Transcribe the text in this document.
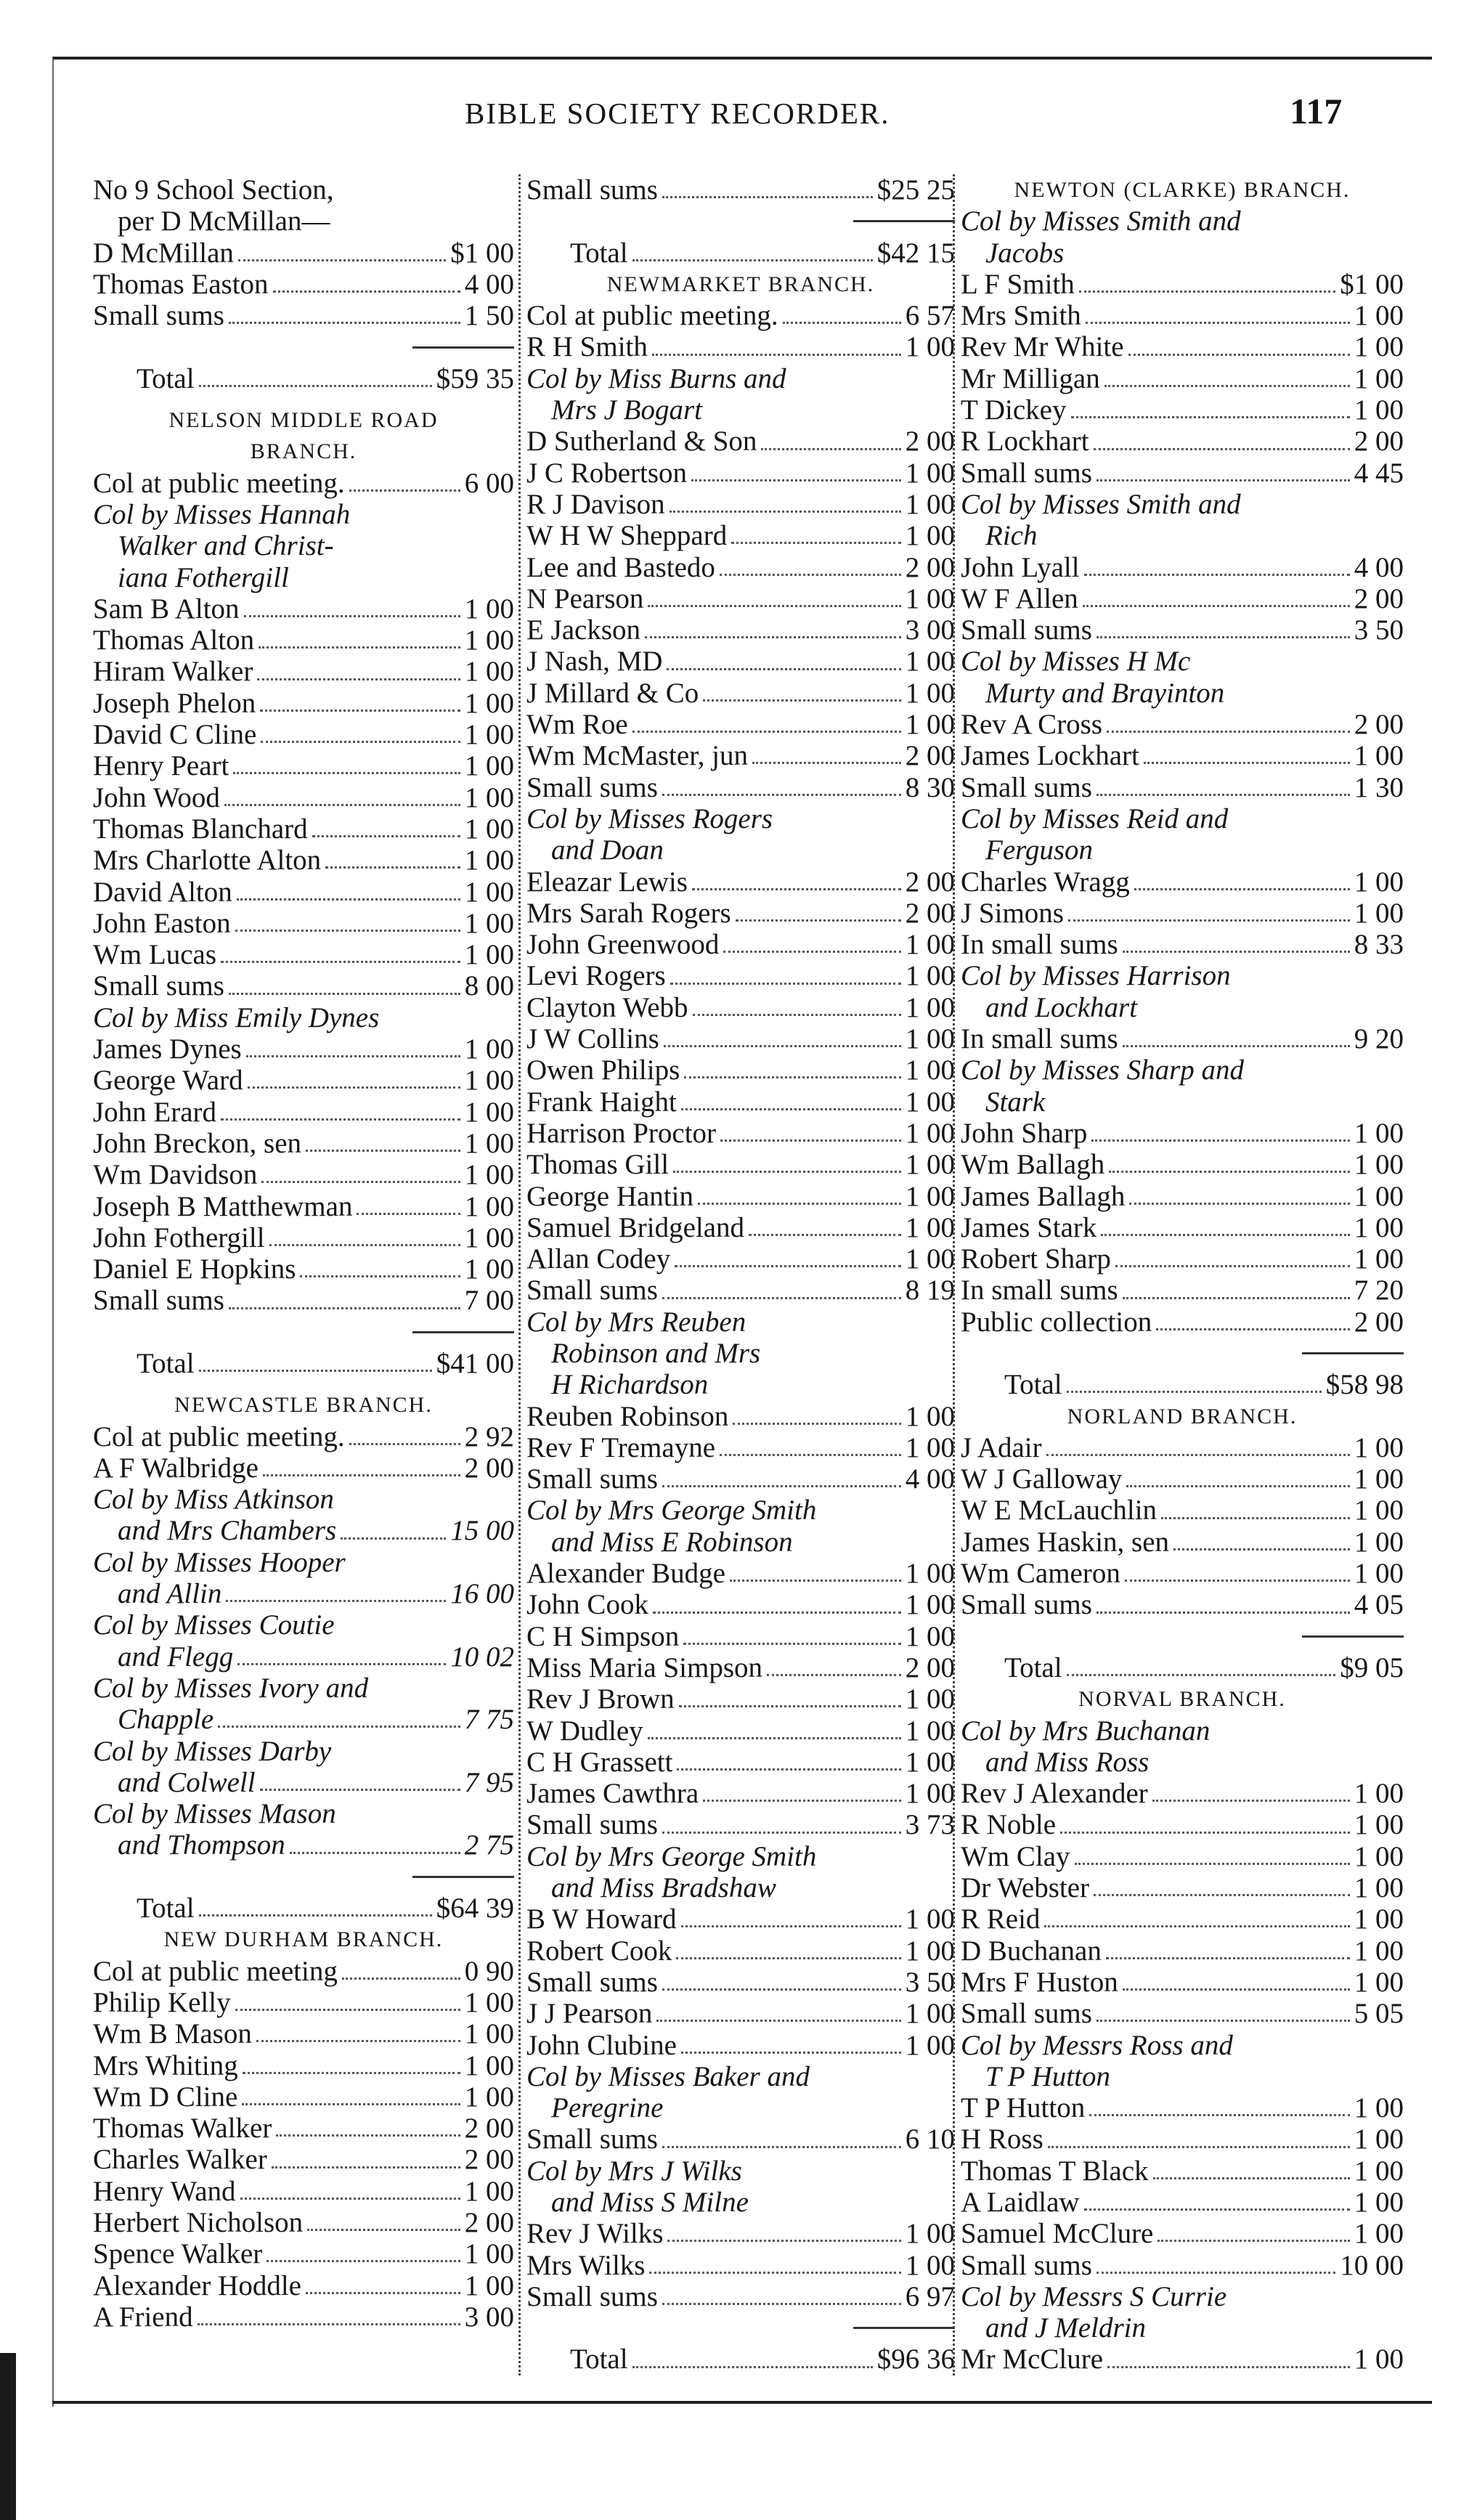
BIBLE SOCIETY RECORDER.	117
No 9 School Section,
per D McMillan—
D McMillan	$1 00
Thomas Easton	4 00
Small sums	1 50
Total	$59 35
NELSON MIDDLE ROAD
BRANCH.
Col at public meeting.	6 00
Col by Misses Hannah
Walker and Christ-
iana Fothergill
Sam B Alton	1 00
Thomas Alton	1 00
Hiram Walker	1 00
Joseph Phelon	1 00
David C Cline	1 00
Henry Peart	1 00
John Wood	1 00
Thomas Blanchard	1 00
Mrs Charlotte Alton	1 00
David Alton	1 00
John Easton	1 00
Wm Lucas	1 00
Small sums	8 00
Col by Miss Emily Dynes
James Dynes	1 00
George Ward	1 00
John Erard	1 00
John Breckon, sen	1 00
Wm Davidson	1 00
Joseph B Matthewman	1 00
John Fothergill	1 00
Daniel E Hopkins	1 00
Small sums	7 00
Total	$41 00
NEWCASTLE BRANCH.
Col at public meeting.	2 92
A F Walbridge	2 00
Col by Miss Atkinson
and Mrs Chambers	15 00
Col by Misses Hooper
and Allin	16 00
Col by Misses Coutie
and Flegg	10 02
Col by Misses Ivory and
Chapple	7 75
Col by Misses Darby
and Colwell	7 95
Col by Misses Mason
and Thompson	2 75
Total	$64 39
NEW DURHAM BRANCH.
Col at public meeting	0 90
Philip Kelly	1 00
Wm B Mason	1 00
Mrs Whiting	1 00
Wm D Cline	1 00
Thomas Walker	2 00
Charles Walker	2 00
Henry Wand	1 00
Herbert Nicholson	2 00
Spence Walker	1 00
Alexander Hoddle	1 00
A Friend	3 00
Small sums	$25 25
Total	$42 15
NEWMARKET BRANCH.
Col at public meeting.	6 57
R H Smith	1 00
Col by Miss Burns and
Mrs J Bogart
D Sutherland & Son	2 00
J C Robertson	1 00
R J Davison	1 00
W H W Sheppard	1 00
Lee and Bastedo	2 00
N Pearson	1 00
E Jackson	3 00
J Nash, MD	1 00
J Millard & Co	1 00
Wm Roe	1 00
Wm McMaster, jun	2 00
Small sums	8 30
Col by Misses Rogers
and Doan
Eleazar Lewis	2 00
Mrs Sarah Rogers	2 00
John Greenwood	1 00
Levi Rogers	1 00
Clayton Webb	1 00
J W Collins	1 00
Owen Philips	1 00
Frank Haight	1 00
Harrison Proctor	1 00
Thomas Gill	1 00
George Hantin	1 00
Samuel Bridgeland	1 00
Allan Codey	1 00
Small sums	8 19
Col by Mrs Reuben
Robinson and Mrs
H Richardson
Reuben Robinson	1 00
Rev F Tremayne	1 00
Small sums	4 00
Col by Mrs George Smith
and Miss E Robinson
Alexander Budge	1 00
John Cook	1 00
C H Simpson	1 00
Miss Maria Simpson	2 00
Rev J Brown	1 00
W Dudley	1 00
C H Grassett	1 00
James Cawthra	1 00
Small sums	3 73
Col by Mrs George Smith
and Miss Bradshaw
B W Howard	1 00
Robert Cook	1 00
Small sums	3 50
J J Pearson	1 00
John Clubine	1 00
Col by Misses Baker and
Peregrine
Small sums	6 10
Col by Mrs J Wilks
and Miss S Milne
Rev J Wilks	1 00
Mrs Wilks	1 00
Small sums	6 97
Total	$96 36
NEWTON (CLARKE) BRANCH.
Col by Misses Smith and
Jacobs
L F Smith	$1 00
Mrs Smith	1 00
Rev Mr White	1 00
Mr Milligan	1 00
T Dickey	1 00
R Lockhart	2 00
Small sums	4 45
Col by Misses Smith and
Rich
John Lyall	4 00
W F Allen	2 00
Small sums	3 50
Col by Misses H Mc
Murty and Brayinton
Rev A Cross	2 00
James Lockhart	1 00
Small sums	1 30
Col by Misses Reid and
Ferguson
Charles Wragg	1 00
J Simons	1 00
In small sums	8 33
Col by Misses Harrison
and Lockhart
In small sums	9 20
Col by Misses Sharp and
Stark
John Sharp	1 00
Wm Ballagh	1 00
James Ballagh	1 00
James Stark	1 00
Robert Sharp	1 00
In small sums	7 20
Public collection	2 00
Total	$58 98
NORLAND BRANCH.
J Adair	1 00
W J Galloway	1 00
W E McLauchlin	1 00
James Haskin, sen	1 00
Wm Cameron	1 00
Small sums	4 05
Total	$9 05
NORVAL BRANCH.
Col by Mrs Buchanan
and Miss Ross
Rev J Alexander	1 00
R Noble	1 00
Wm Clay	1 00
Dr Webster	1 00
R Reid	1 00
D Buchanan	1 00
Mrs F Huston	1 00
Small sums	5 05
Col by Messrs Ross and
T P Hutton
T P Hutton	1 00
H Ross	1 00
Thomas T Black	1 00
A Laidlaw	1 00
Samuel McClure	1 00
Small sums	10 00
Col by Messrs S Currie
and J Meldrin
Mr McClure	1 00
